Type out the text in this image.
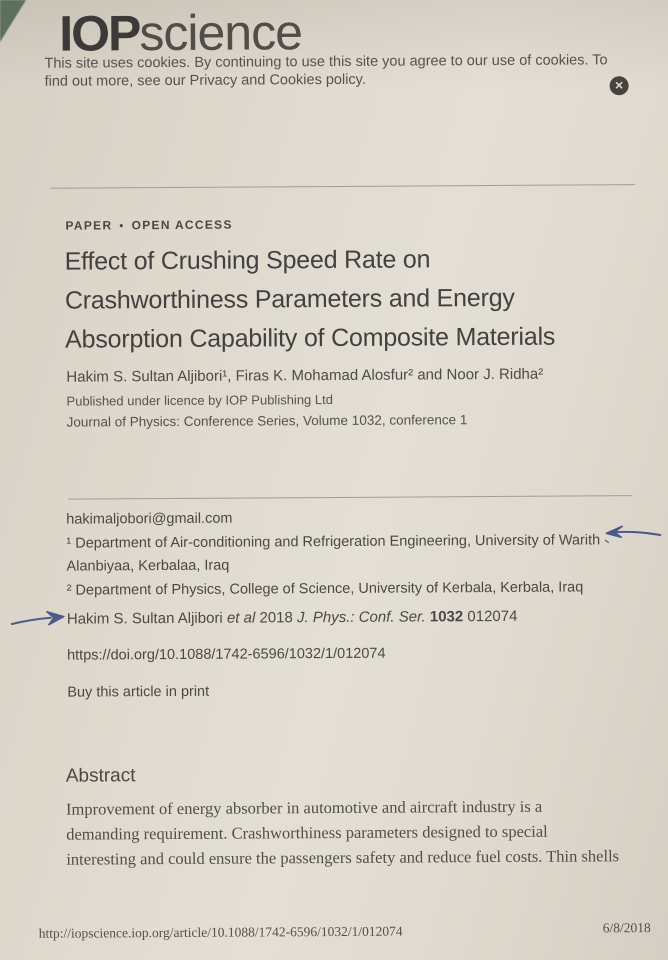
This site uses cookies. By continuing to use this site you agree to our use of cookies. To
find out more, see our Privacy and Cookies policy.
IOPscience
✕
PAPER • OPEN ACCESS
Effect of Crushing Speed Rate on
Crashworthiness Parameters and Energy
Absorption Capability of Composite Materials
Hakim S. Sultan Aljibori¹, Firas K. Mohamad Alosfur² and Noor J. Ridha²
Published under licence by IOP Publishing Ltd
Journal of Physics: Conference Series, Volume 1032, conference 1
hakimaljobori@gmail.com
¹ Department of Air-conditioning and Refrigeration Engineering, University of Warith
Alanbiyaa, Kerbalaa, Iraq
² Department of Physics, College of Science, University of Kerbala, Kerbala, Iraq
Hakim S. Sultan Aljibori et al 2018 J. Phys.: Conf. Ser. 1032 012074
https://doi.org/10.1088/1742-6596/1032/1/012074
Buy this article in print
Abstract
Improvement of energy absorber in automotive and aircraft industry is a
demanding requirement. Crashworthiness parameters designed to special
interesting and could ensure the passengers safety and reduce fuel costs. Thin shells
http://iopscience.iop.org/article/10.1088/1742-6596/1032/1/012074	6/8/2018
